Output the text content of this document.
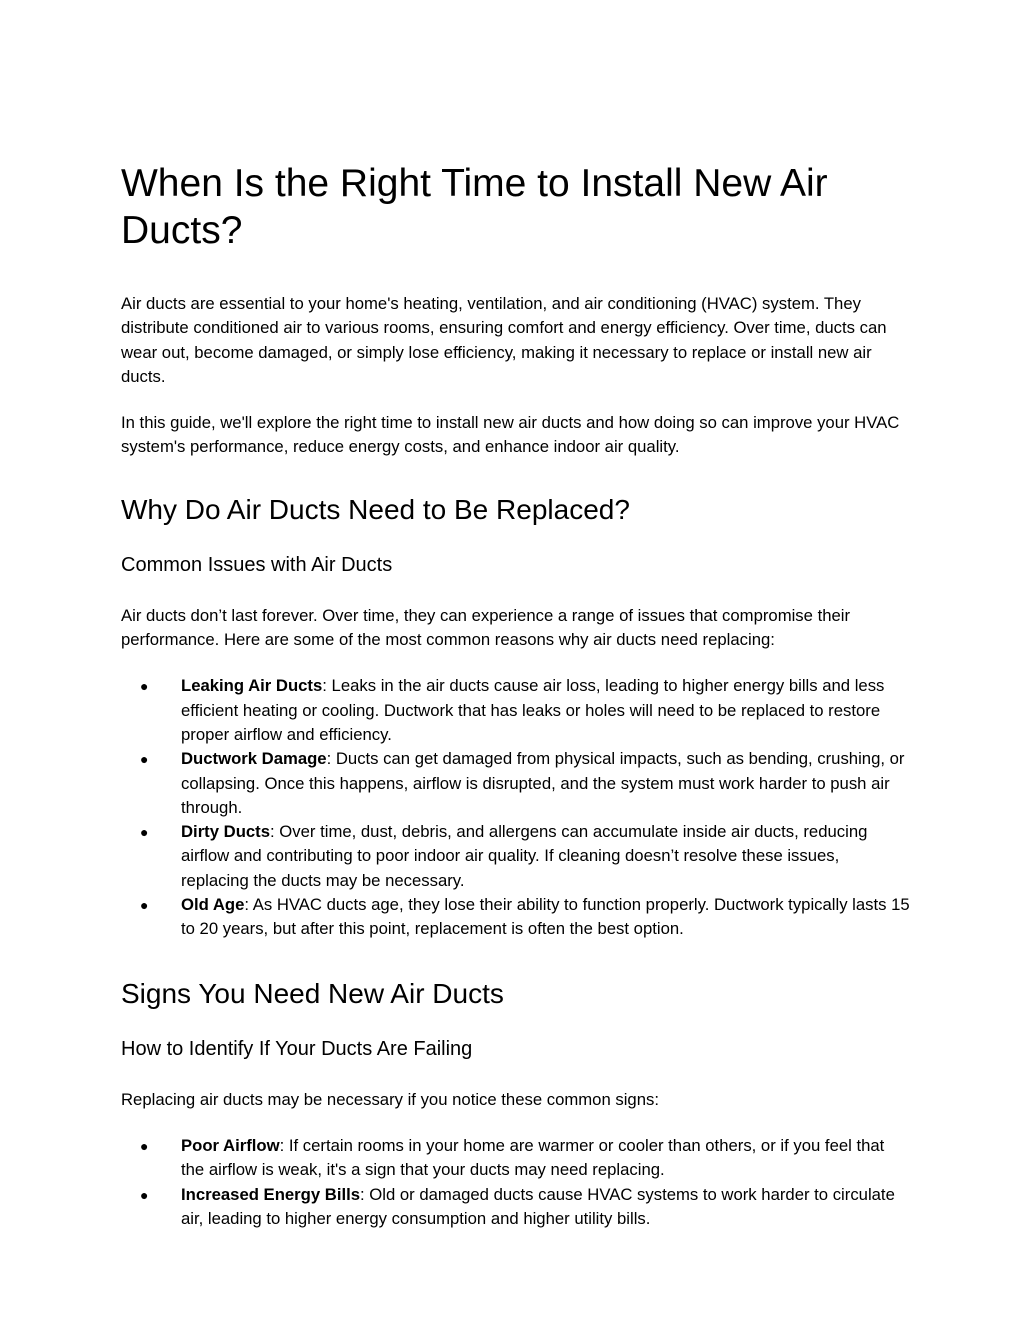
When Is the Right Time to Install New Air Ducts?

Air ducts are essential to your home's heating, ventilation, and air conditioning (HVAC) system. They distribute conditioned air to various rooms, ensuring comfort and energy efficiency. Over time, ducts can wear out, become damaged, or simply lose efficiency, making it necessary to replace or install new air ducts.

In this guide, we'll explore the right time to install new air ducts and how doing so can improve your HVAC system's performance, reduce energy costs, and enhance indoor air quality.

Why Do Air Ducts Need to Be Replaced?
Common Issues with Air Ducts

Air ducts don’t last forever. Over time, they can experience a range of issues that compromise their performance. Here are some of the most common reasons why air ducts need replacing:

● Leaking Air Ducts: Leaks in the air ducts cause air loss, leading to higher energy bills and less efficient heating or cooling. Ductwork that has leaks or holes will need to be replaced to restore proper airflow and efficiency.
● Ductwork Damage: Ducts can get damaged from physical impacts, such as bending, crushing, or collapsing. Once this happens, airflow is disrupted, and the system must work harder to push air through.
● Dirty Ducts: Over time, dust, debris, and allergens can accumulate inside air ducts, reducing airflow and contributing to poor indoor air quality. If cleaning doesn’t resolve these issues, replacing the ducts may be necessary.
● Old Age: As HVAC ducts age, they lose their ability to function properly. Ductwork typically lasts 15 to 20 years, but after this point, replacement is often the best option.
Signs You Need New Air Ducts
How to Identify If Your Ducts Are Failing

Replacing air ducts may be necessary if you notice these common signs:

● Poor Airflow: If certain rooms in your home are warmer or cooler than others, or if you feel that the airflow is weak, it's a sign that your ducts may need replacing.
● Increased Energy Bills: Old or damaged ducts cause HVAC systems to work harder to circulate air, leading to higher energy consumption and higher utility bills.
